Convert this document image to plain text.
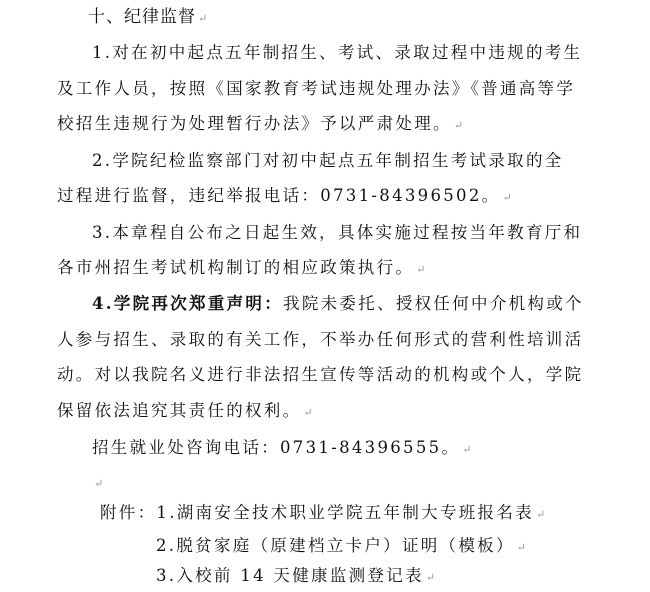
十、纪律监督 ↵
1.对在初中起点五年制招生、考试、录取过程中违规的考生
及工作人员，按照《国家教育考试违规处理办法》《普通高等学
校招生违规行为处理暂行办法》予以严肃处理。 ↵
2.学院纪检监察部门对初中起点五年制招生考试录取的全
过程进行监督，违纪举报电话：0731-84396502。 ↵
3.本章程自公布之日起生效，具体实施过程按当年教育厅和
各市州招生考试机构制订的相应政策执行。 ↵
4.学院再次郑重声明：我院未委托、授权任何中介机构或个
人参与招生、录取的有关工作，不举办任何形式的营利性培训活
动。对以我院名义进行非法招生宣传等活动的机构或个人，学院
保留依法追究其责任的权利。 ↵
招生就业处咨询电话：0731-84396555。 ↵
↵
附件：1.湖南安全技术职业学院五年制大专班报名表 ↵
2.脱贫家庭（原建档立卡户）证明（模板） ↵
3.入校前 14 天健康监测登记表 ↵
